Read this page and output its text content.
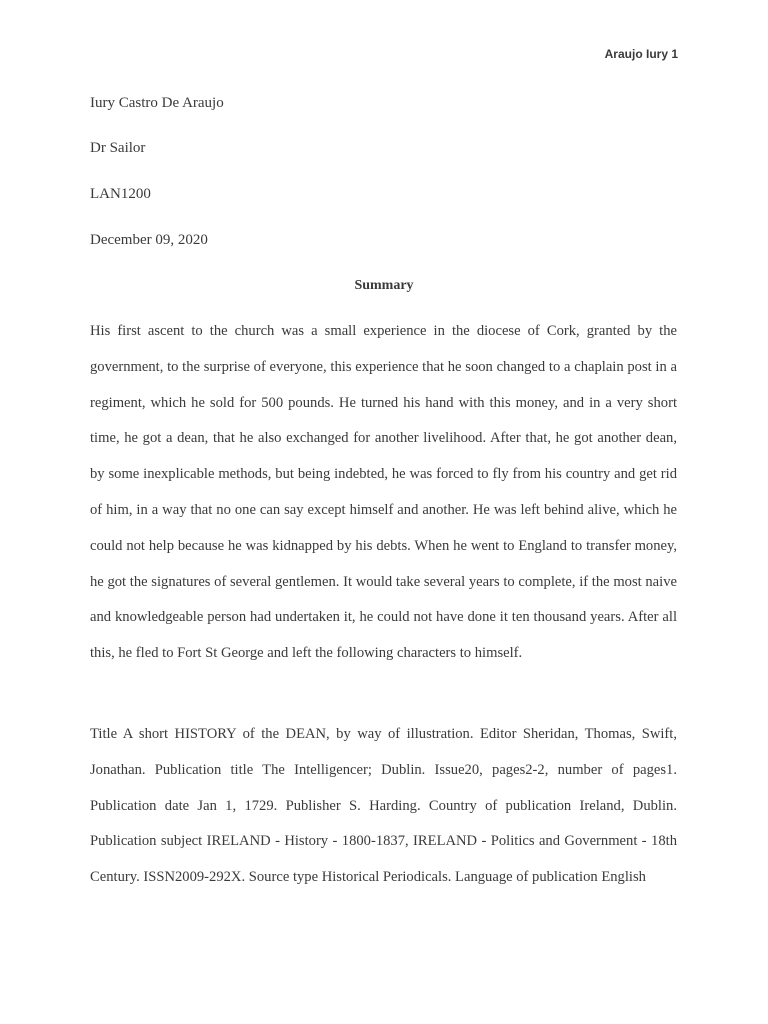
Araujo Iury 1
Iury Castro De Araujo
Dr Sailor
LAN1200
December 09, 2020
Summary

His first ascent to the church was a small experience in the diocese of Cork, granted by the government, to the surprise of everyone, this experience that he soon changed to a chaplain post in a regiment, which he sold for 500 pounds. He turned his hand with this money, and in a very short time, he got a dean, that he also exchanged for another livelihood. After that, he got another dean, by some inexplicable methods, but being indebted, he was forced to fly from his country and get rid of him, in a way that no one can say except himself and another. He was left behind alive, which he could not help because he was kidnapped by his debts. When he went to England to transfer money, he got the signatures of several gentlemen. It would take several years to complete, if the most naive and knowledgeable person had undertaken it, he could not have done it ten thousand years. After all this, he fled to Fort St George and left the following characters to himself.

Title A short HISTORY of the DEAN, by way of illustration. Editor Sheridan, Thomas, Swift, Jonathan. Publication title The Intelligencer; Dublin. Issue20, pages2-2, number of pages1. Publication date Jan 1, 1729. Publisher S. Harding. Country of publication Ireland, Dublin. Publication subject IRELAND - History - 1800-1837, IRELAND - Politics and Government - 18th Century. ISSN2009-292X. Source type Historical Periodicals. Language of publication English
